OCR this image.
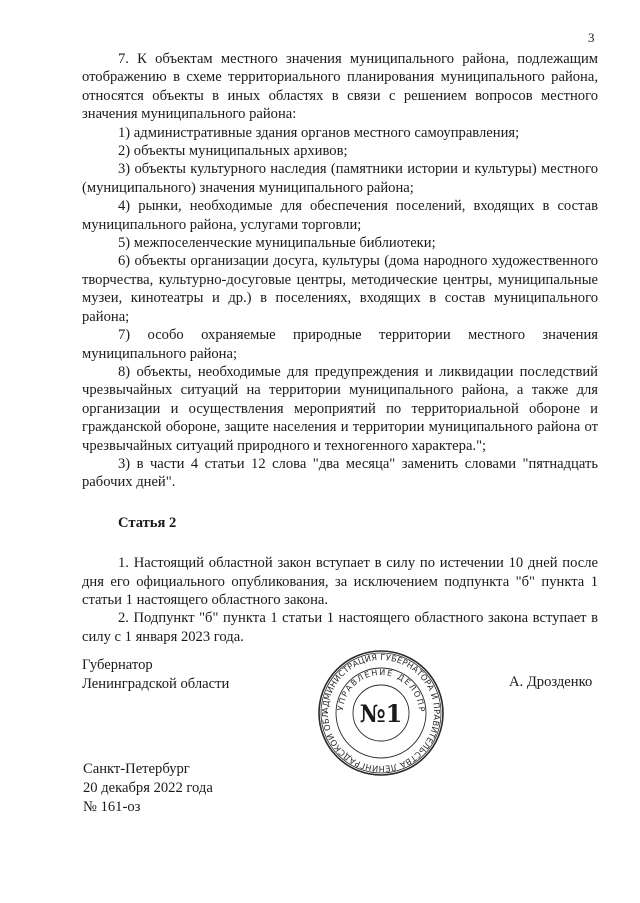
3

7. К объектам местного значения муниципального района, подлежащим отображению в схеме территориального планирования муниципального района, относятся объекты в иных областях в связи с решением вопросов местного значения муниципального района:

1) административные здания органов местного самоуправления;

2) объекты муниципальных архивов;

3) объекты культурного наследия (памятники истории и культуры) местного (муниципального) значения муниципального района;

4) рынки, необходимые для обеспечения поселений, входящих в состав муниципального района, услугами торговли;

5) межпоселенческие муниципальные библиотеки;

6) объекты организации досуга, культуры (дома народного художественного творчества, культурно-досуговые центры, методические центры, муниципальные музеи, кинотеатры и др.) в поселениях, входящих в состав муниципального района;

7) особо охраняемые природные территории местного значения муниципального района;

8) объекты, необходимые для предупреждения и ликвидации последствий чрезвычайных ситуаций на территории муниципального района, а также для организации и осуществления мероприятий по территориальной обороне и гражданской обороне, защите населения и территории муниципального района от чрезвычайных ситуаций природного и техногенного характера.";

3) в части 4 статьи 12 слова "два месяца" заменить словами "пятнадцать рабочих дней".

Статья 2

1. Настоящий областной закон вступает в силу по истечении 10 дней после дня его официального опубликования, за исключением подпункта "б" пункта 1 статьи 1 настоящего областного закона.

2. Подпункт "б" пункта 1 статьи 1 настоящего областного закона вступает в силу с 1 января 2023 года.

Губернатор
Ленинградской области	А. Дрозденко
АДМИНИСТРАЦИЯ ГУБЕРНАТОРА И ПРАВИТЕЛЬСТВА ЛЕНИНГРАДСКОЙ ОБЛ
УПРАВЛЕНИЕ ДЕЛОПР
№1
Санкт-Петербург
20 декабря 2022 года
№ 161-оз
